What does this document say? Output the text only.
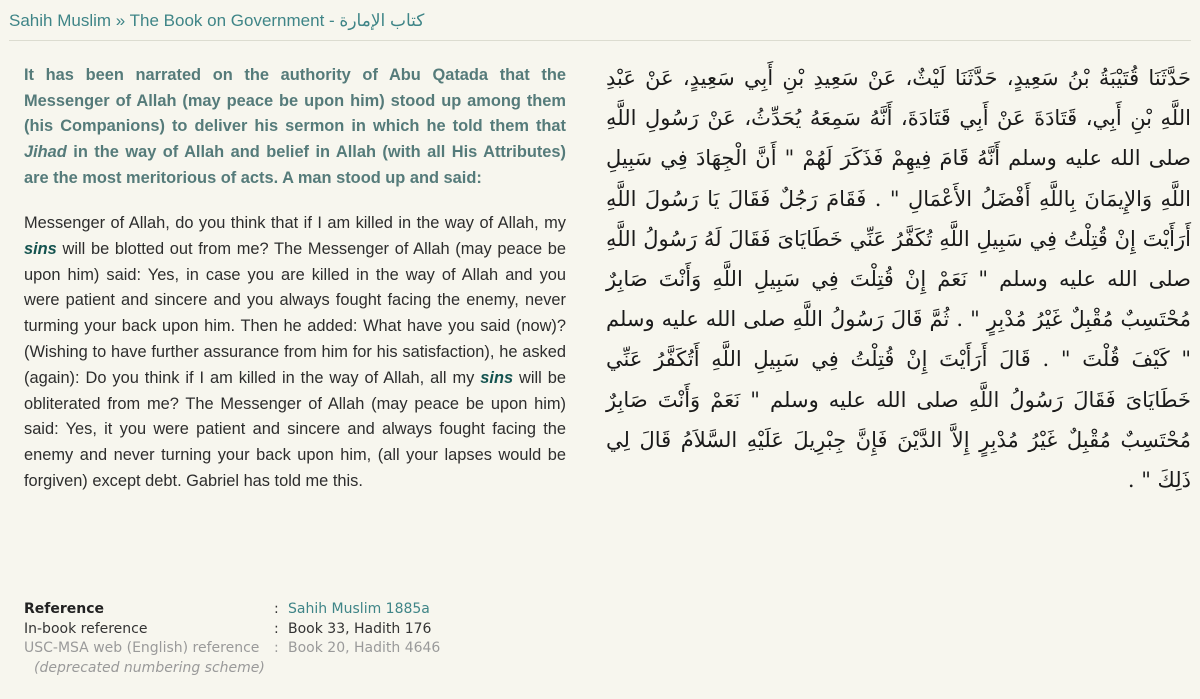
Sahih Muslim » The Book on Government - كتاب الإمارة
It has been narrated on the authority of Abu Qatada that the Messenger of Allah (may peace be upon him) stood up among them (his Companions) to deliver his sermon in which he told them that Jihad in the way of Allah and belief in Allah (with all His Attributes) are the most meritorious of acts. A man stood up and said:
Messenger of Allah, do you think that if I am killed in the way of Allah, my sins will be blotted out from me? The Messenger of Allah (may peace be upon him) said: Yes, in case you are killed in the way of Allah and you were patient and sincere and you always fought facing the enemy, never turming your back upon him. Then he added: What have you said (now)? (Wishing to have further assurance from him for his satisfaction), he asked (again): Do you think if I am killed in the way of Allah, all my sins will be obliterated from me? The Messenger of Allah (may peace be upon him) said: Yes, it you were patient and sincere and always fought facing the enemy and never turning your back upon him, (all your lapses would be forgiven) except debt. Gabriel has told me this.
حَدَّثَنَا قُتَيْبَةُ بْنُ سَعِيدٍ، حَدَّثَنَا لَيْثٌ، عَنْ سَعِيدِ بْنِ أَبِي سَعِيدٍ، عَنْ عَبْدِ اللَّهِ بْنِ أَبِي، قَتَادَةَ عَنْ أَبِي قَتَادَةَ، أَنَّهُ سَمِعَهُ يُحَدِّثُ، عَنْ رَسُولِ اللَّهِ صلى الله عليه وسلم أَنَّهُ قَامَ فِيهِمْ فَذَكَرَ لَهُمْ " أَنَّ الْجِهَادَ فِي سَبِيلِ اللَّهِ وَالإِيمَانَ بِاللَّهِ أَفْضَلُ الأَعْمَالِ " . فَقَامَ رَجُلٌ فَقَالَ يَا رَسُولَ اللَّهِ أَرَأَيْتَ إِنْ قُتِلْتُ فِي سَبِيلِ اللَّهِ تُكَفَّرُ عَنِّي خَطَايَاىَ فَقَالَ لَهُ رَسُولُ اللَّهِ صلى الله عليه وسلم " نَعَمْ إِنْ قُتِلْتَ فِي سَبِيلِ اللَّهِ وَأَنْتَ صَابِرٌ مُحْتَسِبٌ مُقْبِلٌ غَيْرُ مُدْبِرٍ " . ثُمَّ قَالَ رَسُولُ اللَّهِ صلى الله عليه وسلم " كَيْفَ قُلْتَ " . قَالَ أَرَأَيْتَ إِنْ قُتِلْتُ فِي سَبِيلِ اللَّهِ أَتُكَفَّرُ عَنِّي خَطَايَاىَ فَقَالَ رَسُولُ اللَّهِ صلى الله عليه وسلم " نَعَمْ وَأَنْتَ صَابِرٌ مُحْتَسِبٌ مُقْبِلٌ غَيْرُ مُدْبِرٍ إِلاَّ الدَّيْنَ فَإِنَّ جِبْرِيلَ عَلَيْهِ السَّلاَمُ قَالَ لِي ذَلِكَ " .
Reference	: Sahih Muslim 1885a
In-book reference	: Book 33, Hadith 176
USC-MSA web (English) reference	: Book 20, Hadith 4646
(deprecated numbering scheme)
